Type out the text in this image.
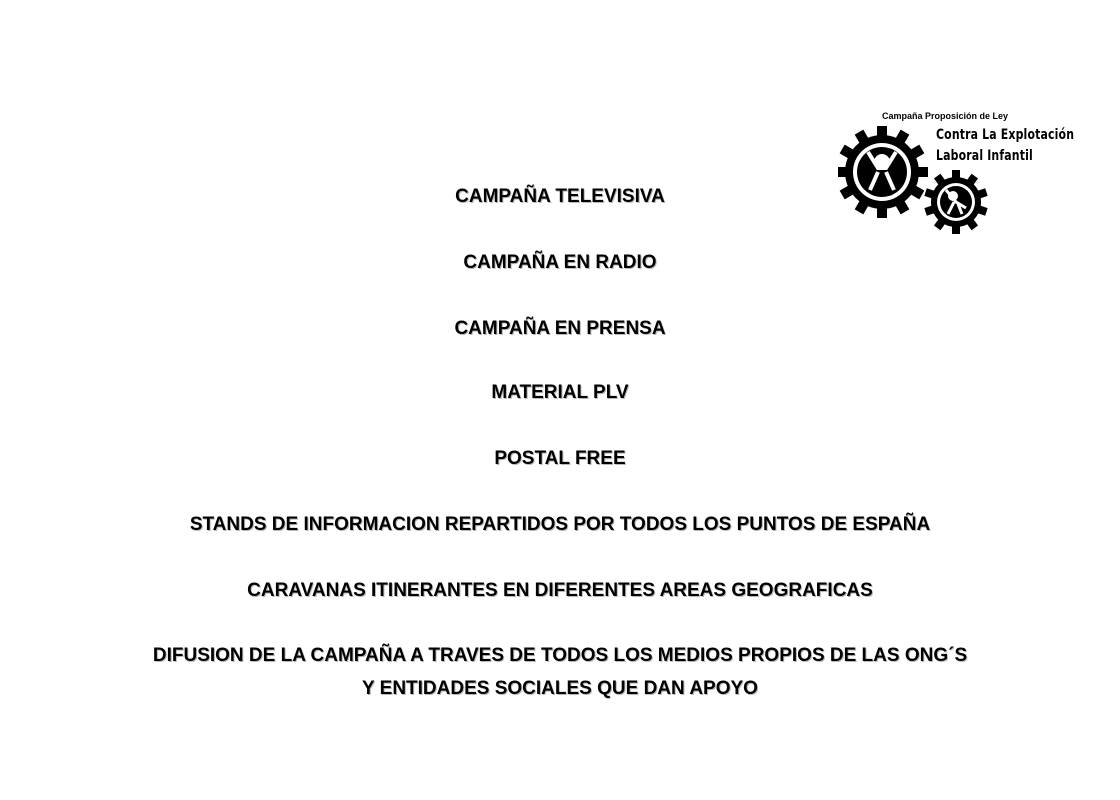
Campaña Proposición de Ley
Contra La Explotación
Laboral Infantil
CAMPAÑA TELEVISIVA
CAMPAÑA EN RADIO
CAMPAÑA EN PRENSA
MATERIAL PLV
POSTAL FREE
STANDS DE INFORMACION REPARTIDOS POR TODOS LOS PUNTOS DE ESPAÑA
CARAVANAS ITINERANTES EN DIFERENTES AREAS GEOGRAFICAS
DIFUSION DE LA CAMPAÑA A TRAVES DE TODOS LOS MEDIOS PROPIOS DE LAS ONG´S
Y ENTIDADES SOCIALES QUE DAN APOYO
